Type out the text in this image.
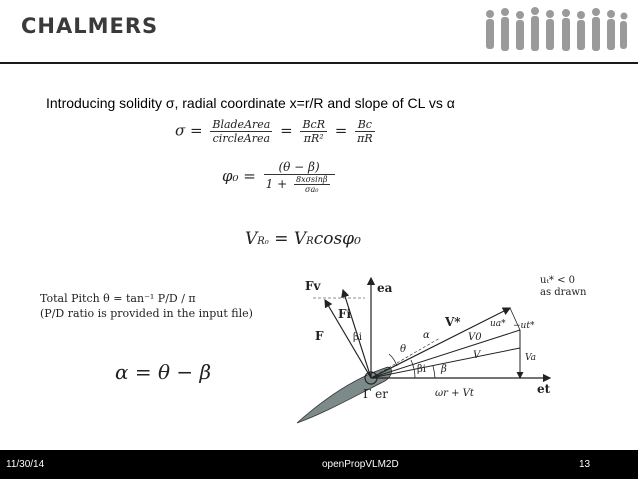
CHALMERS
Introducing solidity σ, radial coordinate x=r/R and slope of CL vs α
$\sigma = \frac{\text{BladeArea}}{\text{circleArea}} = \frac{\text{BcR}}{\text{πR²}} = \frac{Bc}{\pi R}$
$\varphi_0 = \frac{(\theta - \beta)}{1 + \frac{8x\sigma\sin\beta}{\text{σa₀}}}$
VR₀ = VRcosφ₀
Total Pitch θ = tan⁻¹ P/D / π
(P/D ratio is provided in the input file)
α = θ − β
uₜ* < 0
as drawn
Fv	ea
Fi
F	βi
θ
α
V*	ua* −ut*
V0
V	Va
βi β
Γ er	ωr + Vt	et
11/30/14	openPropVLM2D	13
